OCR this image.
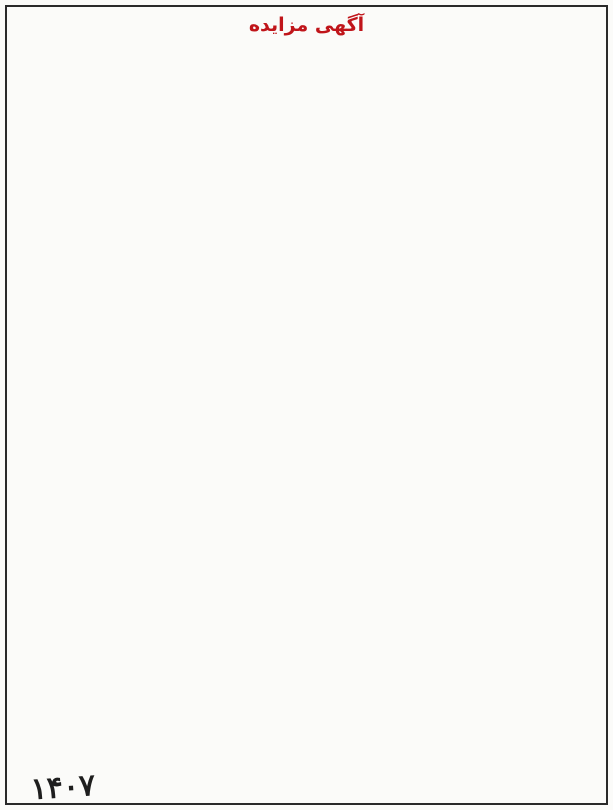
آگهی مزایده
۱۴۰۷
